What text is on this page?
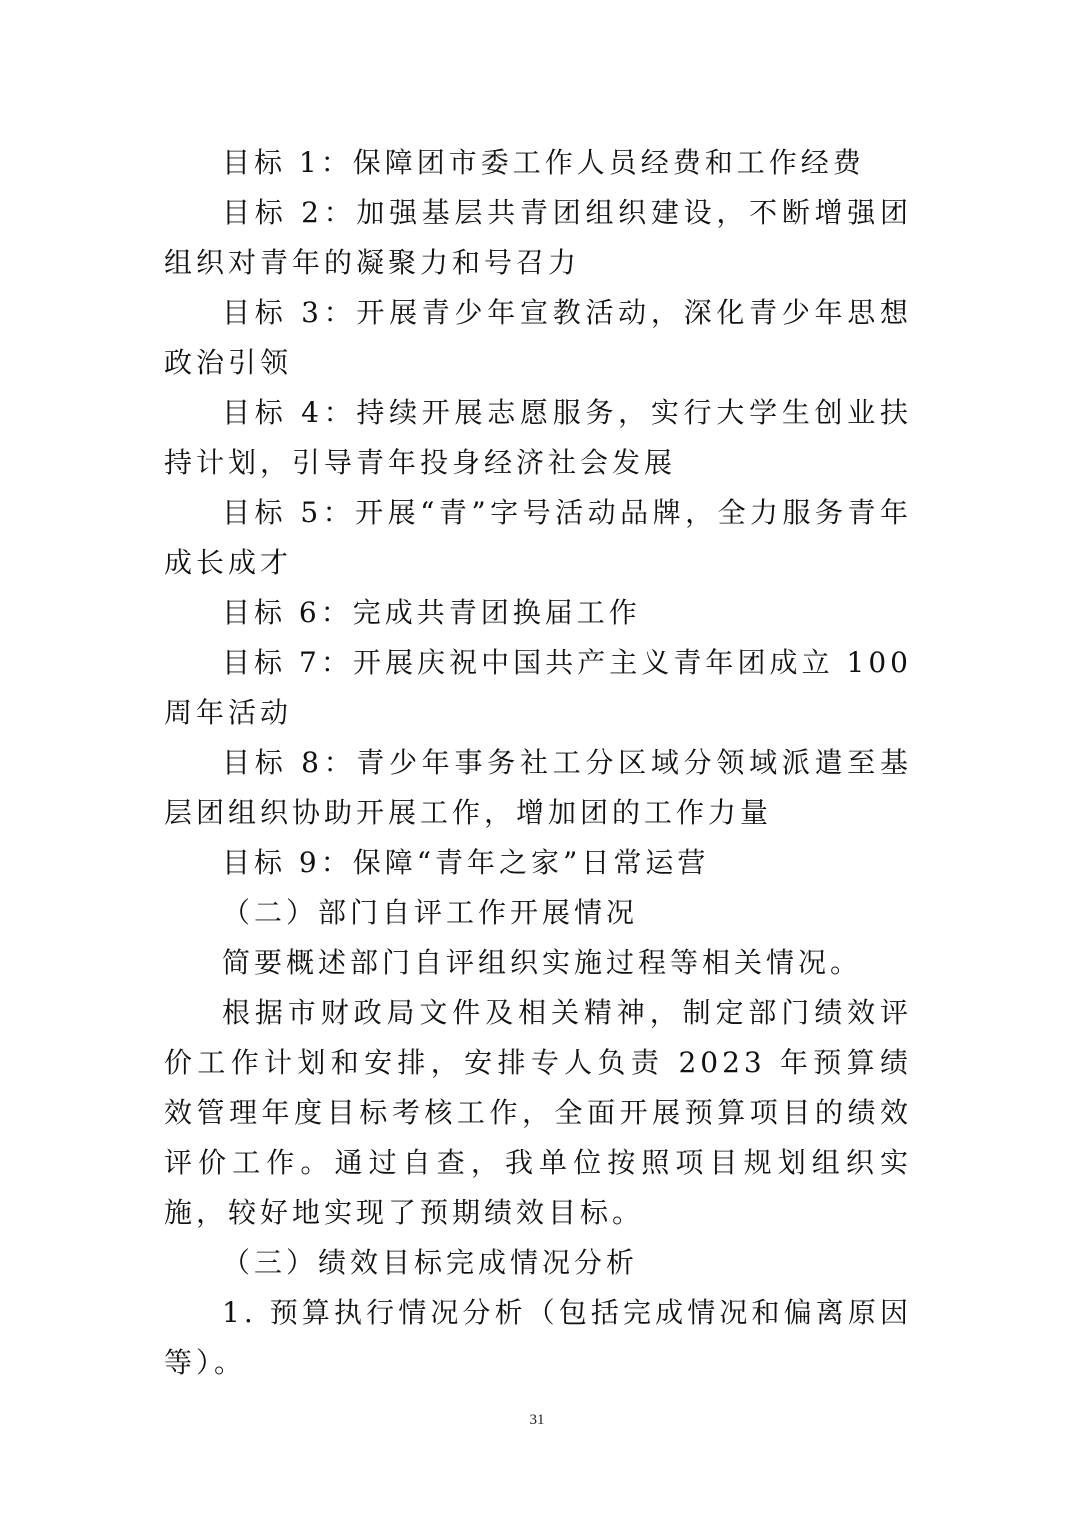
目标 1：保障团市委工作人员经费和工作经费

目标 2：加强基层共青团组织建设，不断增强团组织对青年的凝聚力和号召力

目标 3：开展青少年宣教活动，深化青少年思想政治引领

目标 4：持续开展志愿服务，实行大学生创业扶持计划，引导青年投身经济社会发展

目标 5：开展“青”字号活动品牌，全力服务青年成长成才

目标 6：完成共青团换届工作

目标 7：开展庆祝中国共产主义青年团成立 100 周年活动

目标 8：青少年事务社工分区域分领域派遣至基层团组织协助开展工作，增加团的工作力量

目标 9：保障“青年之家”日常运营

（二）部门自评工作开展情况

简要概述部门自评组织实施过程等相关情况。

根据市财政局文件及相关精神，制定部门绩效评价工作计划和安排，安排专人负责 2023 年预算绩效管理年度目标考核工作，全面开展预算项目的绩效评价工作。通过自查，我单位按照项目规划组织实施，较好地实现了预期绩效目标。

（三）绩效目标完成情况分析

1. 预算执行情况分析（包括完成情况和偏离原因等）。

31
